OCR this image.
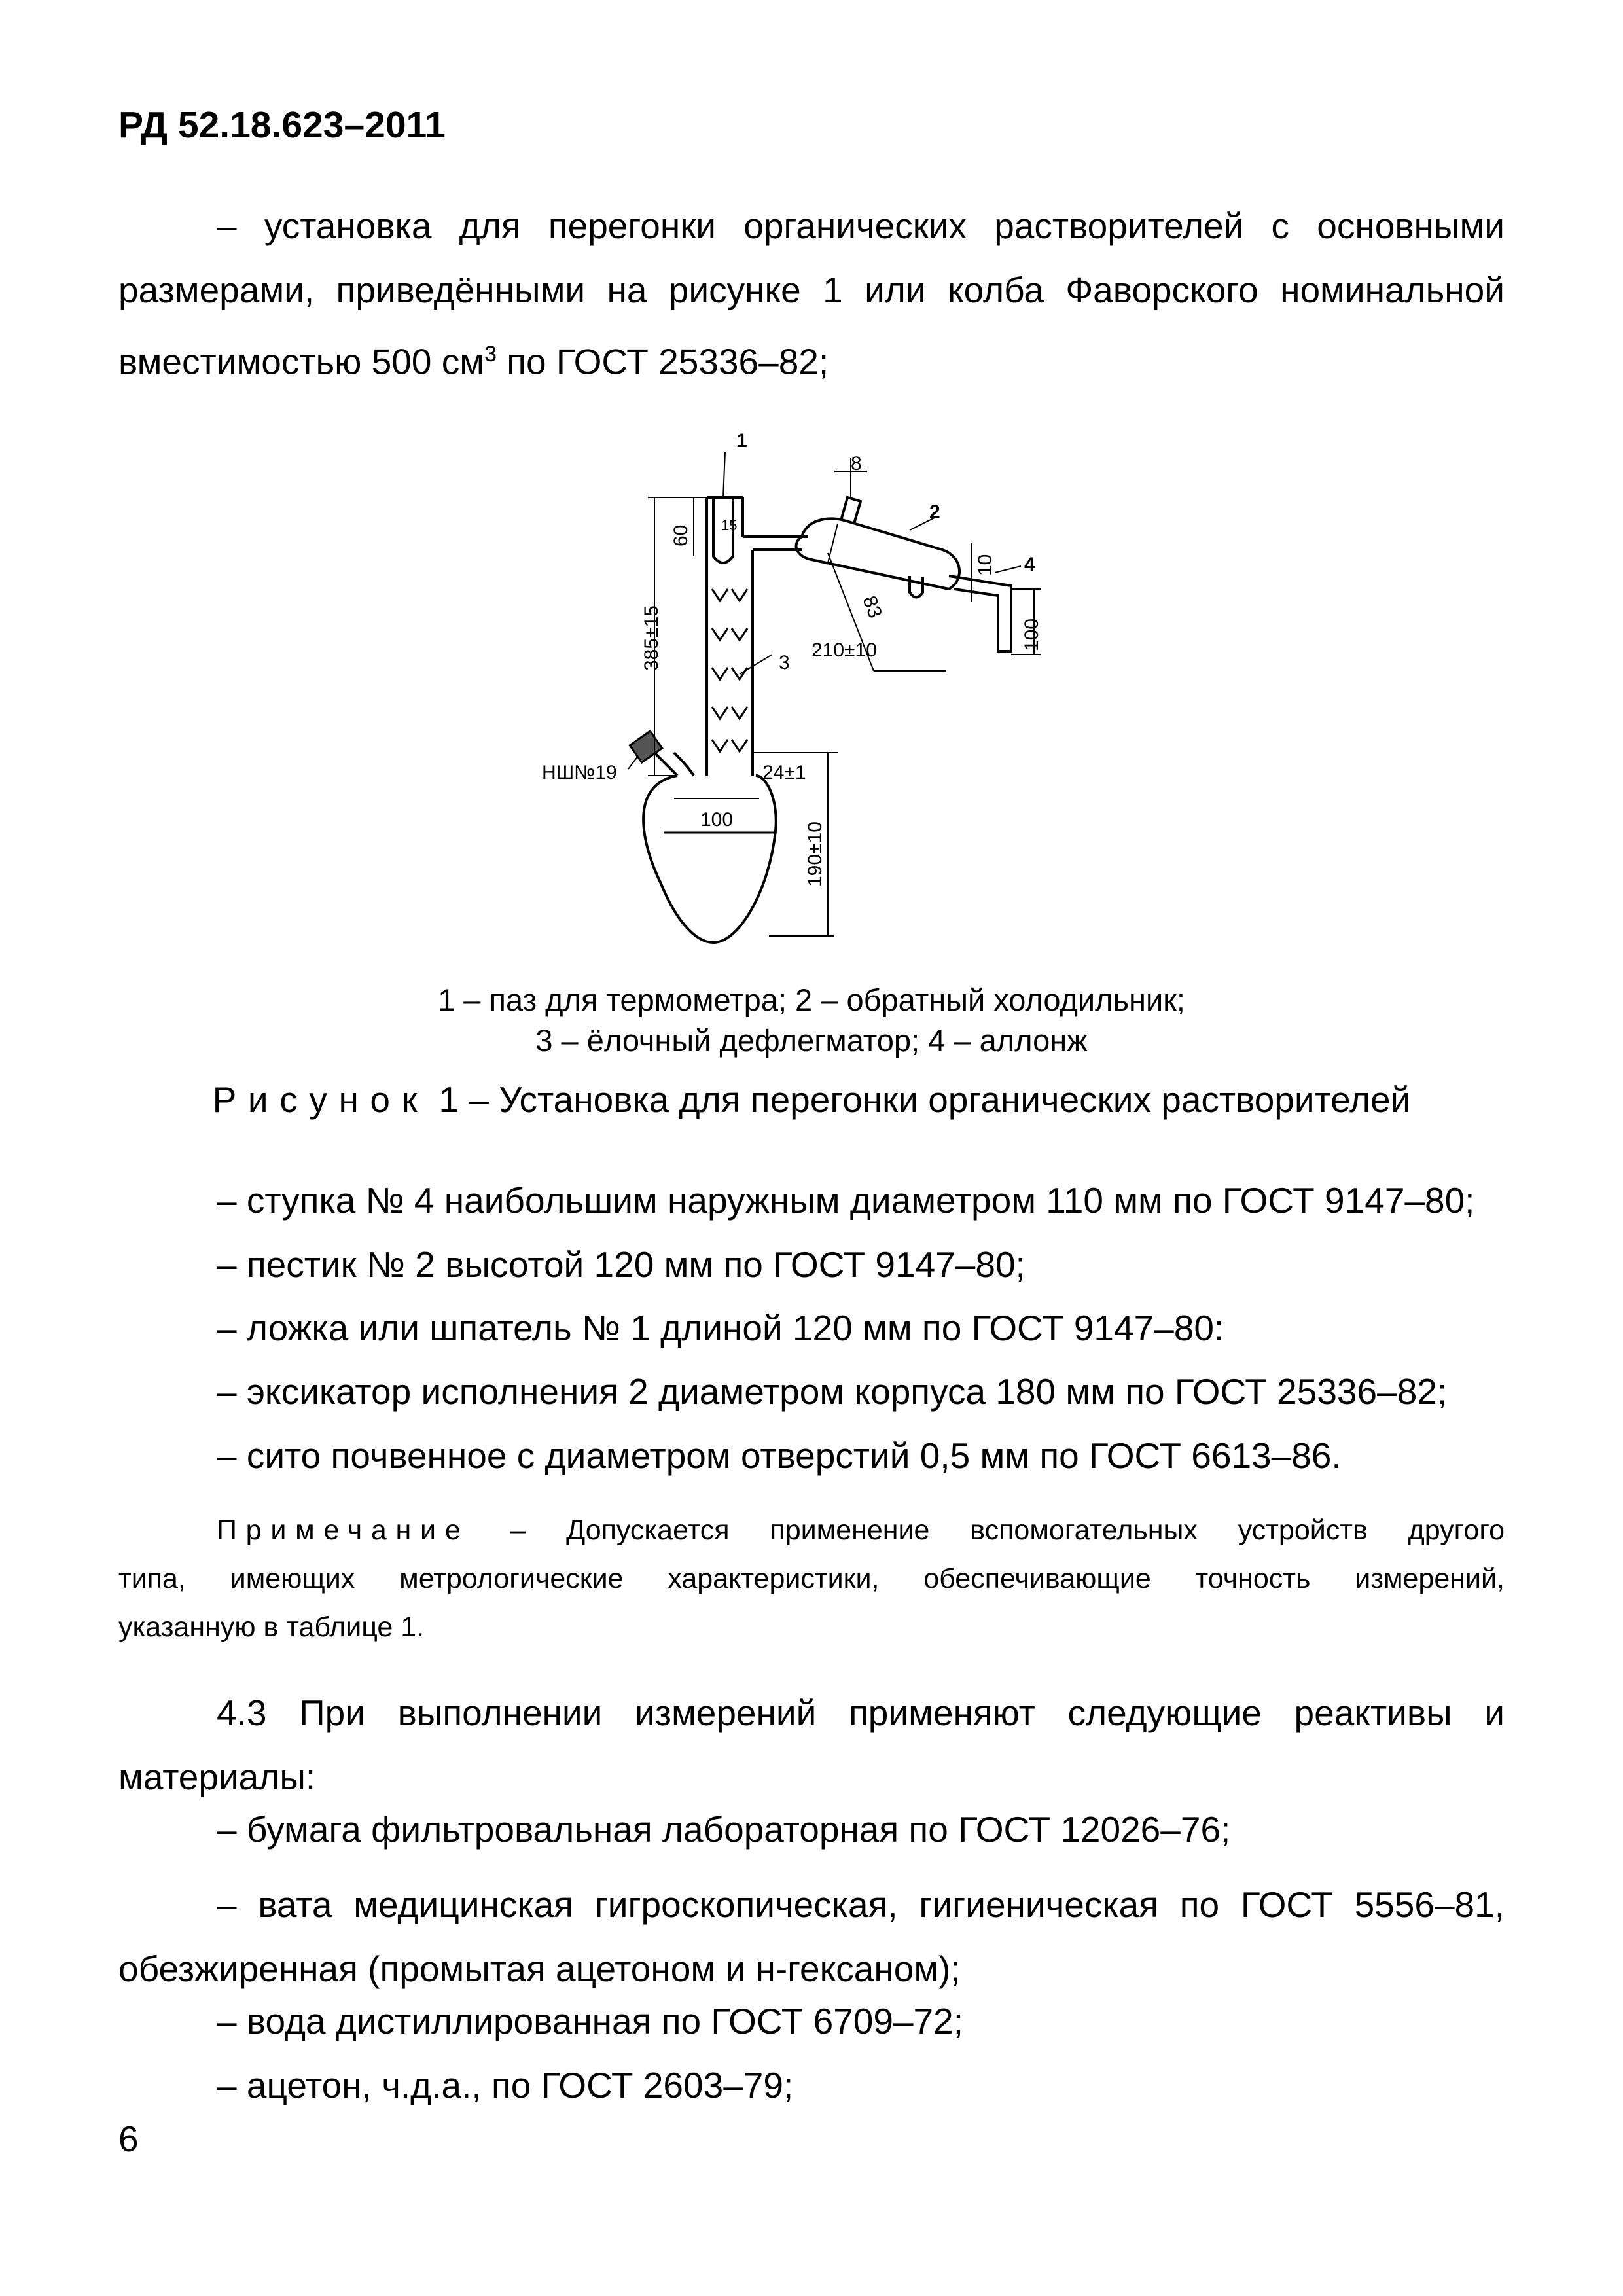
РД 52.18.623–2011
– установка для перегонки органических растворителей с основными
размерами, приведёнными на рисунке 1 или колба Фаворского номинальной
вместимостью 500 $см^3$ по ГОСТ 25336–82;
1
2
3
4
8
60 15
385±15	83
10
210±10	100
24±1
100
190±10
НШ№19
1 – паз для термометра; 2 – обратный холодильник;
3 – ёлочный дефлегматор; 4 – аллонж
Рисунок 1 – Установка для перегонки органических растворителей
– ступка № 4 наибольшим наружным диаметром 110 мм по ГОСТ 9147–80;
– пестик № 2 высотой 120 мм по ГОСТ 9147–80;
– ложка или шпатель № 1 длиной 120 мм по ГОСТ 9147–80:
– эксикатор исполнения 2 диаметром корпуса 180 мм по ГОСТ 25336–82;
– сито почвенное с диаметром отверстий 0,5 мм по ГОСТ 6613–86.
Примечание – Допускается применение вспомогательных устройств другого
типа, имеющих метрологические характеристики, обеспечивающие точность измерений,
указанную в таблице 1.
4.3 При выполнении измерений применяют следующие реактивы и
материалы:
– бумага фильтровальная лабораторная по ГОСТ 12026–76;
– вата медицинская гигроскопическая, гигиеническая по ГОСТ 5556–81,
обезжиренная (промытая ацетоном и н-гексаном);
– вода дистиллированная по ГОСТ 6709–72;
– ацетон, ч.д.а., по ГОСТ 2603–79;
6
